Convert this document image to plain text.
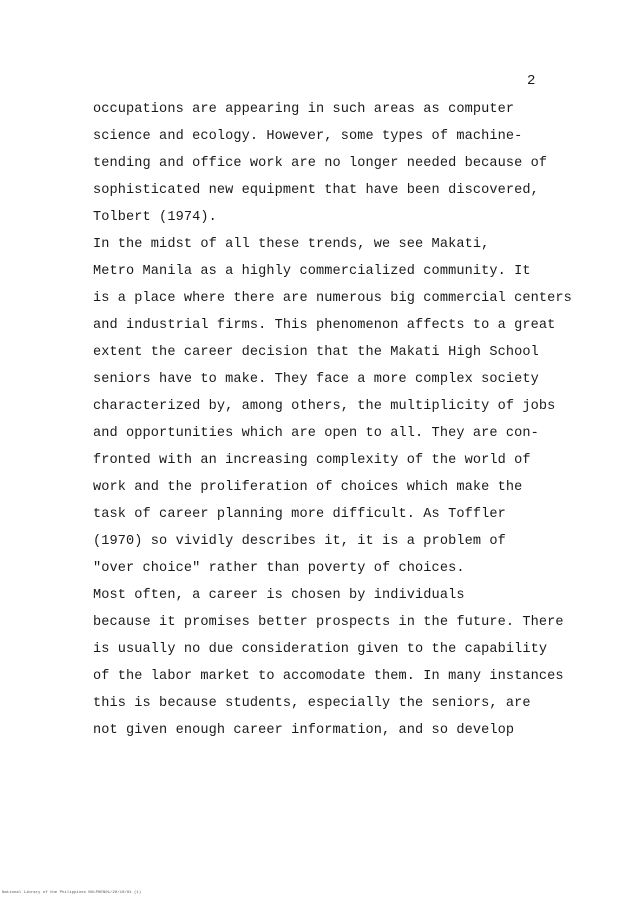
2
occupations are appearing in such areas as computer
science and ecology. However, some types of machine-
tending and office work are no longer needed because of
sophisticated new equipment that have been discovered,
Tolbert (1974).
In the midst of all these trends, we see Makati,
Metro Manila as a highly commercialized community. It
is a place where there are numerous big commercial centers
and industrial firms. This phenomenon affects to a great
extent the career decision that the Makati High School
seniors have to make. They face a more complex society
characterized by, among others, the multiplicity of jobs
and opportunities which are open to all. They are con-
fronted with an increasing complexity of the world of
work and the proliferation of choices which make the
task of career planning more difficult. As Toffler
(1970) so vividly describes it, it is a problem of
"over choice" rather than poverty of choices.
Most often, a career is chosen by individuals
because it promises better prospects in the future. There
is usually no due consideration given to the capability
of the labor market to accomodate them. In many instances
this is because students, especially the seniors, are
not given enough career information, and so develop
National Library of the Philippines BULPHEN01/20/10/01 (1)
